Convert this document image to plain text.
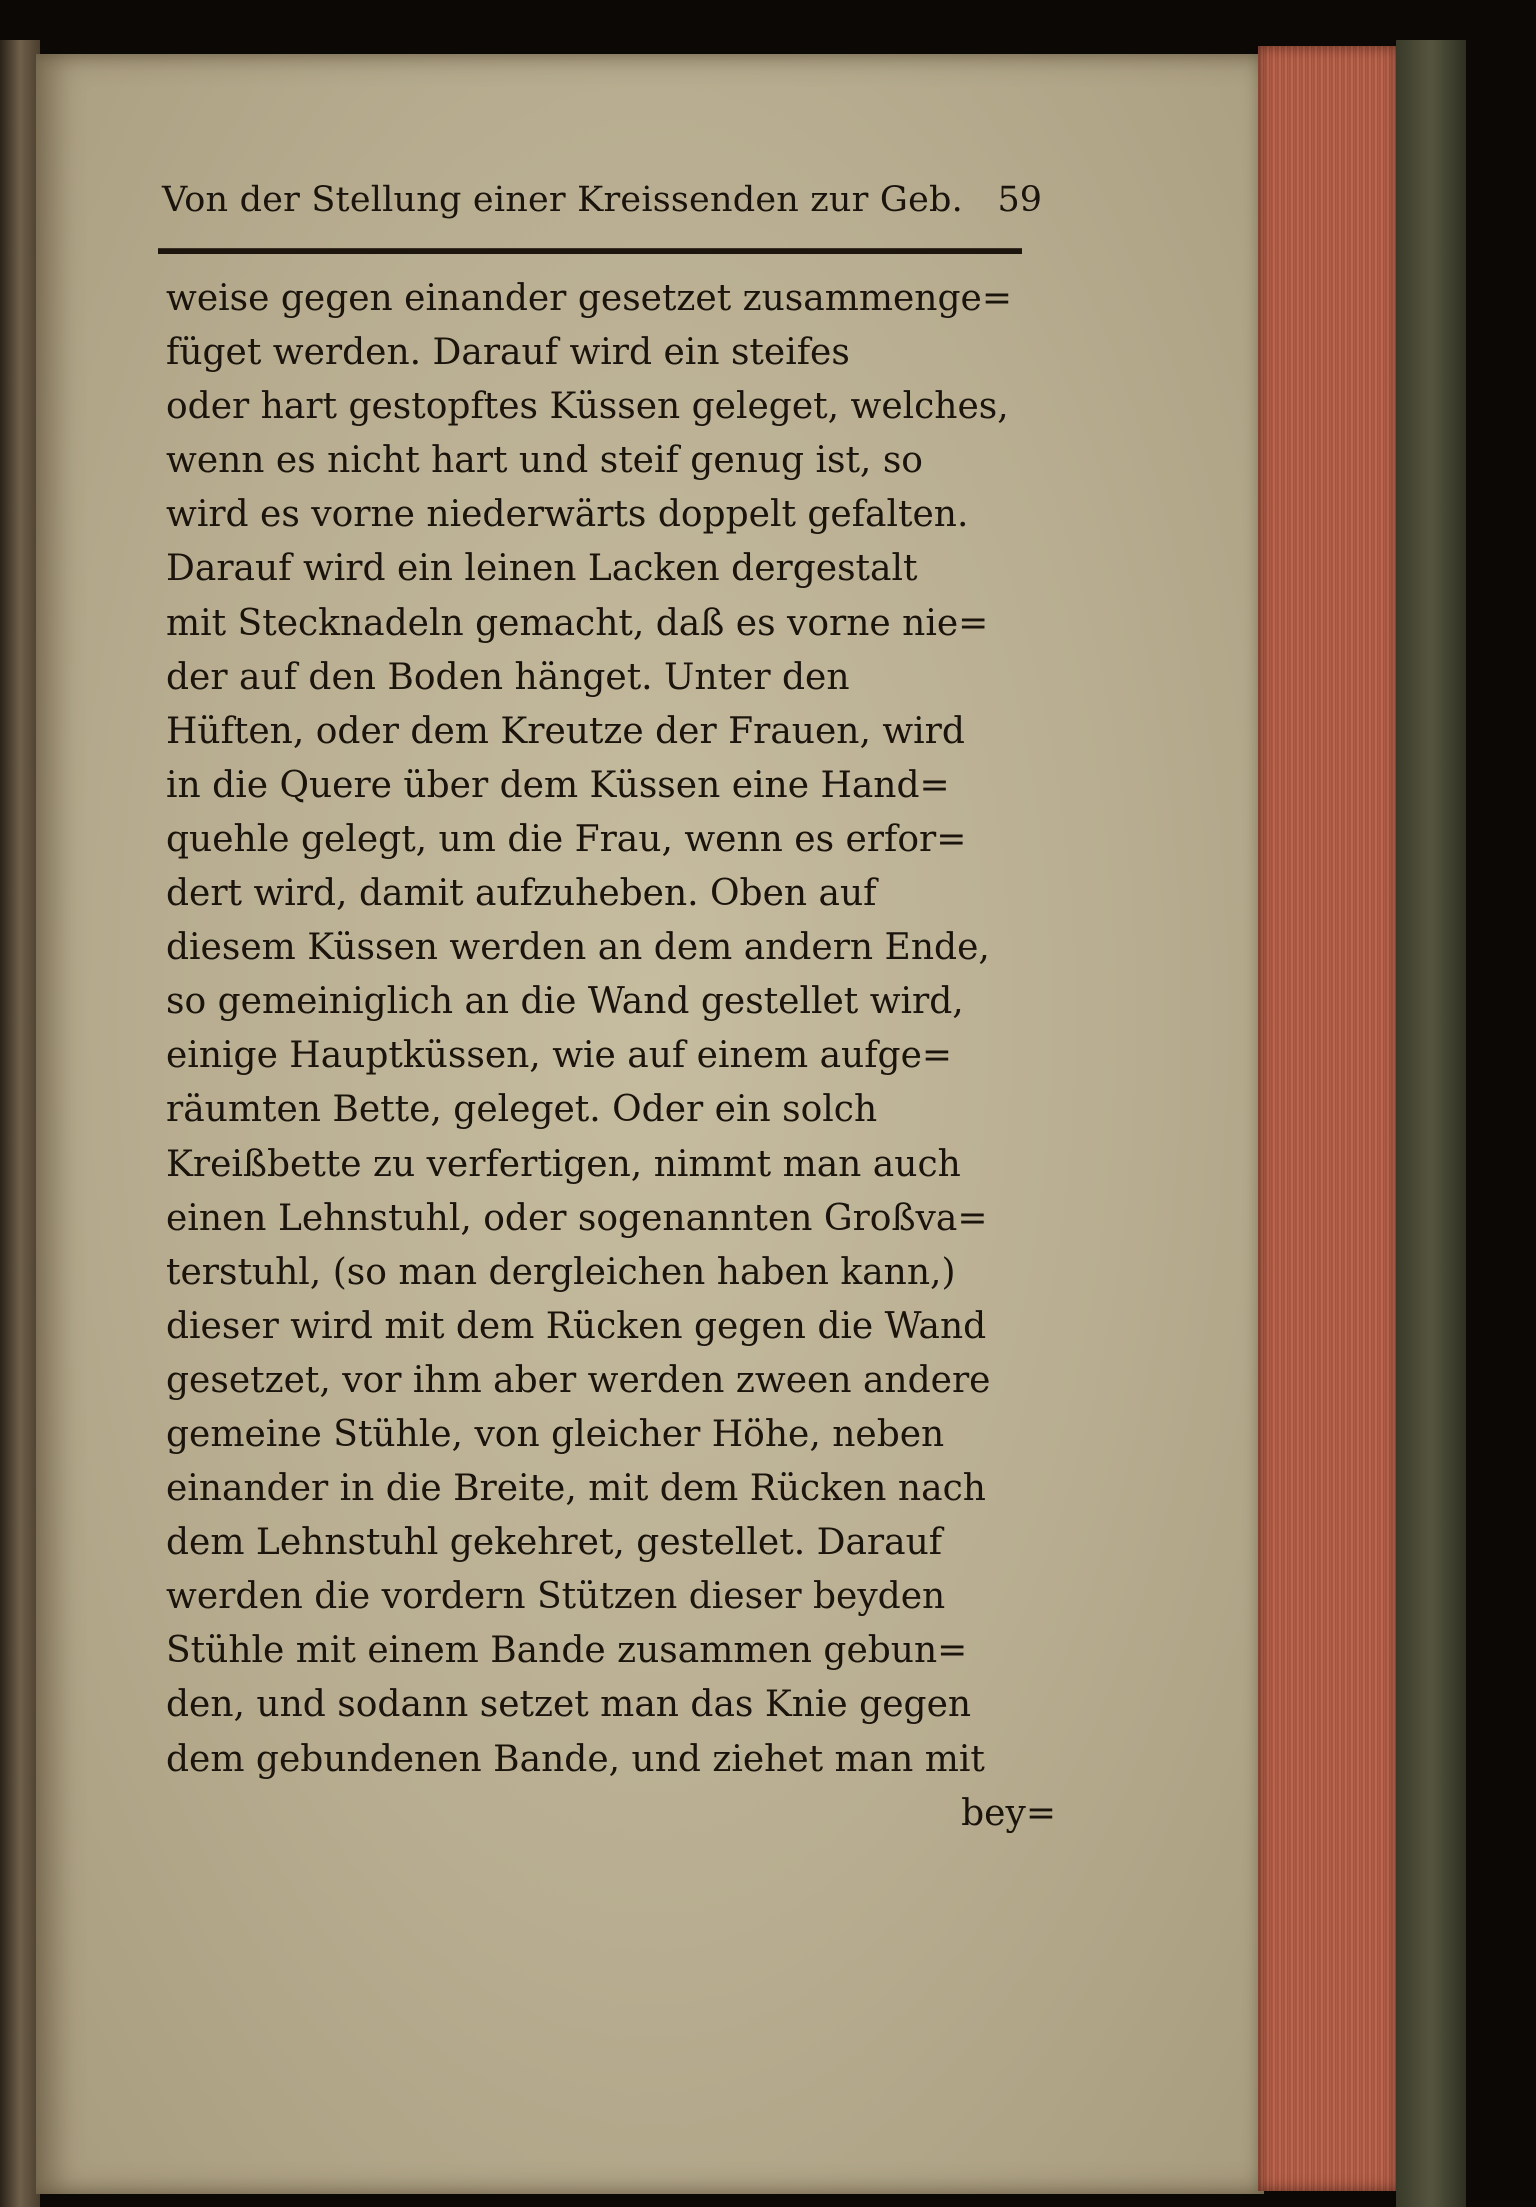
Von der Stellung einer Kreissenden zur Geb. 59
weise gegen einander gesetzet zusammenge=
füget werden. Darauf wird ein steifes
oder hart gestopftes Küssen geleget, welches,
wenn es nicht hart und steif genug ist, so
wird es vorne niederwärts doppelt gefalten.
Darauf wird ein leinen Lacken dergestalt
mit Stecknadeln gemacht, daß es vorne nie=
der auf den Boden hänget. Unter den
Hüften, oder dem Kreutze der Frauen, wird
in die Quere über dem Küssen eine Hand=
quehle gelegt, um die Frau, wenn es erfor=
dert wird, damit aufzuheben. Oben auf
diesem Küssen werden an dem andern Ende,
so gemeiniglich an die Wand gestellet wird,
einige Hauptküssen, wie auf einem aufge=
räumten Bette, geleget. Oder ein solch
Kreißbette zu verfertigen, nimmt man auch
einen Lehnstuhl, oder sogenannten Großva=
terstuhl, (so man dergleichen haben kann,)
dieser wird mit dem Rücken gegen die Wand
gesetzet, vor ihm aber werden zween andere
gemeine Stühle, von gleicher Höhe, neben
einander in die Breite, mit dem Rücken nach
dem Lehnstuhl gekehret, gestellet. Darauf
werden die vordern Stützen dieser beyden
Stühle mit einem Bande zusammen gebun=
den, und sodann setzet man das Knie gegen
dem gebundenen Bande, und ziehet man mit
bey=
